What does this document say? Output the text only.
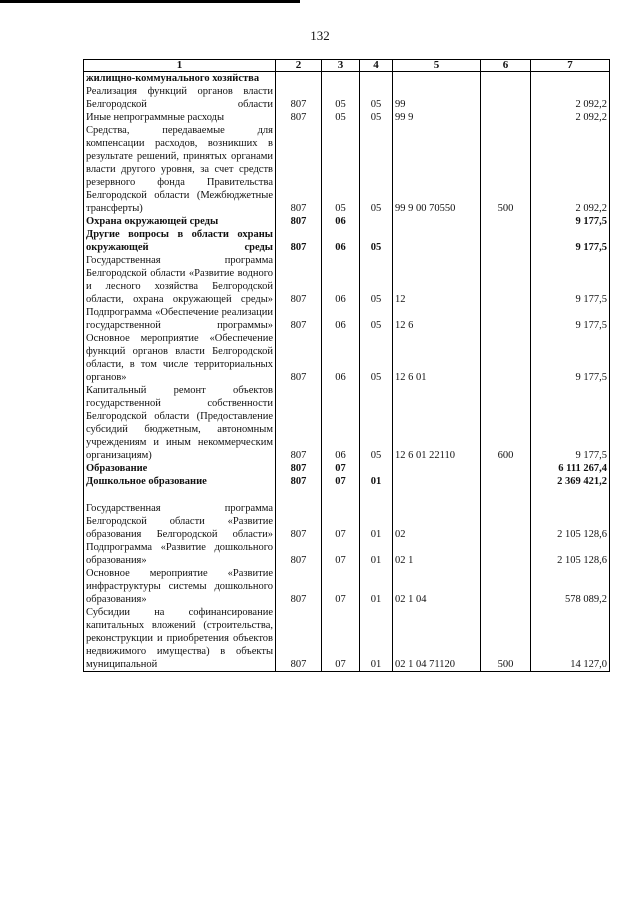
132
1	2	3	4	5	6	7
жилищно-коммунального хозяйства						
Реализация функций органов власти Белгородской области	807	05	05	99		2 092,2
Иные непрограммные расходы	807	05	05	99 9		2 092,2
Средства, передаваемые для компенсации расходов, возникших в результате решений, принятых органами власти другого уровня, за счет средств резервного фонда Правительства Белгородской области (Межбюджетные трансферты)	807	05	05	99 9 00 70550	500	2 092,2
Охрана окружающей среды	807	06				9 177,5
Другие вопросы в области охраны окружающей среды	807	06	05			9 177,5
Государственная программа Белгородской области «Развитие водного и лесного хозяйства Белгородской области, охрана окружающей среды»	807	06	05	12		9 177,5
Подпрограмма «Обеспечение реализации государственной программы»	807	06	05	12 6		9 177,5
Основное мероприятие «Обеспечение функций органов власти Белгородской области, в том числе территориальных органов»	807	06	05	12 6 01		9 177,5
Капитальный ремонт объектов государственной собственности Белгородской области (Предоставление субсидий бюджетным, автономным учреждениям и иным некоммерческим организациям)	807	06	05	12 6 01 22110	600	9 177,5
Образование	807	07				6 111 267,4
Дошкольное образование	807	07	01			2 369 421,2

Государственная программа Белгородской области «Развитие образования Белгородской области»	807	07	01	02		2 105 128,6
Подпрограмма «Развитие дошкольного образования»	807	07	01	02 1		2 105 128,6
Основное мероприятие «Развитие инфраструктуры системы дошкольного образования»	807	07	01	02 1 04		578 089,2
Субсидии на софинансирование капитальных вложений (строительства, реконструкции и приобретения объектов недвижимого имущества) в объекты муниципальной	807	07	01	02 1 04 71120	500	14 127,0
